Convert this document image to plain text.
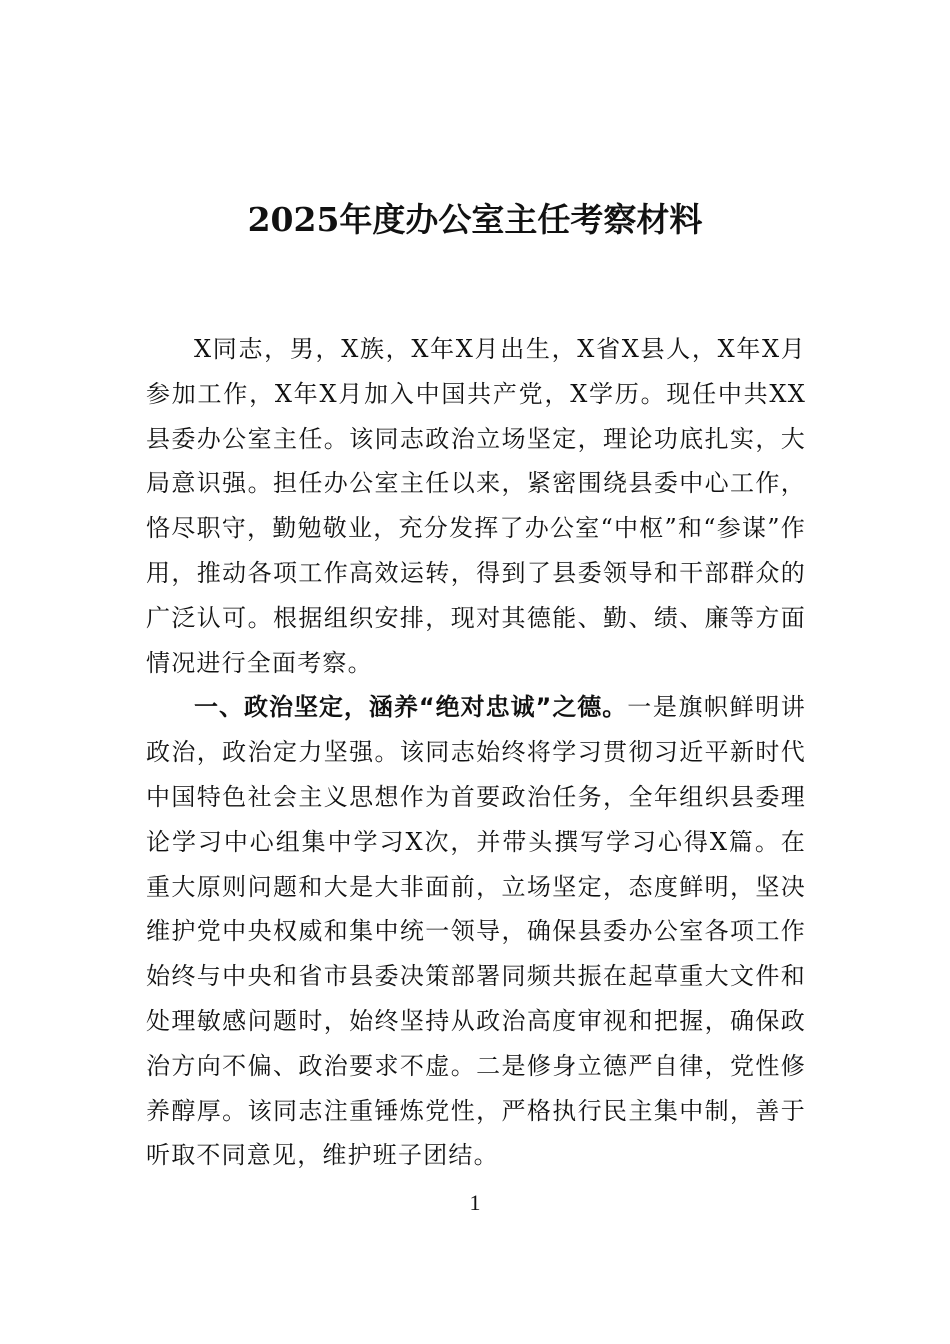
2025年度办公室主任考察材料

X同志，男，X族，X年X月出生，X省X县人，X年X月参加工作，X年X月加入中国共产党，X学历。现任中共XX县委办公室主任。该同志政治立场坚定，理论功底扎实，大局意识强。担任办公室主任以来，紧密围绕县委中心工作，恪尽职守，勤勉敬业，充分发挥了办公室“中枢”和“参谋”作用，推动各项工作高效运转，得到了县委领导和干部群众的广泛认可。根据组织安排，现对其德能、勤、绩、廉等方面情况进行全面考察。

一、政治坚定，涵养“绝对忠诚”之德。一是旗帜鲜明讲政治，政治定力坚强。该同志始终将学习贯彻习近平新时代中国特色社会主义思想作为首要政治任务，全年组织县委理论学习中心组集中学习X次，并带头撰写学习心得X篇。在重大原则问题和大是大非面前，立场坚定，态度鲜明，坚决维护党中央权威和集中统一领导，确保县委办公室各项工作始终与中央和省市县委决策部署同频共振在起草重大文件和处理敏感问题时，始终坚持从政治高度审视和把握，确保政治方向不偏、政治要求不虚。二是修身立德严自律，党性修养醇厚。该同志注重锤炼党性，严格执行民主集中制，善于听取不同意见，维护班子团结。

1
